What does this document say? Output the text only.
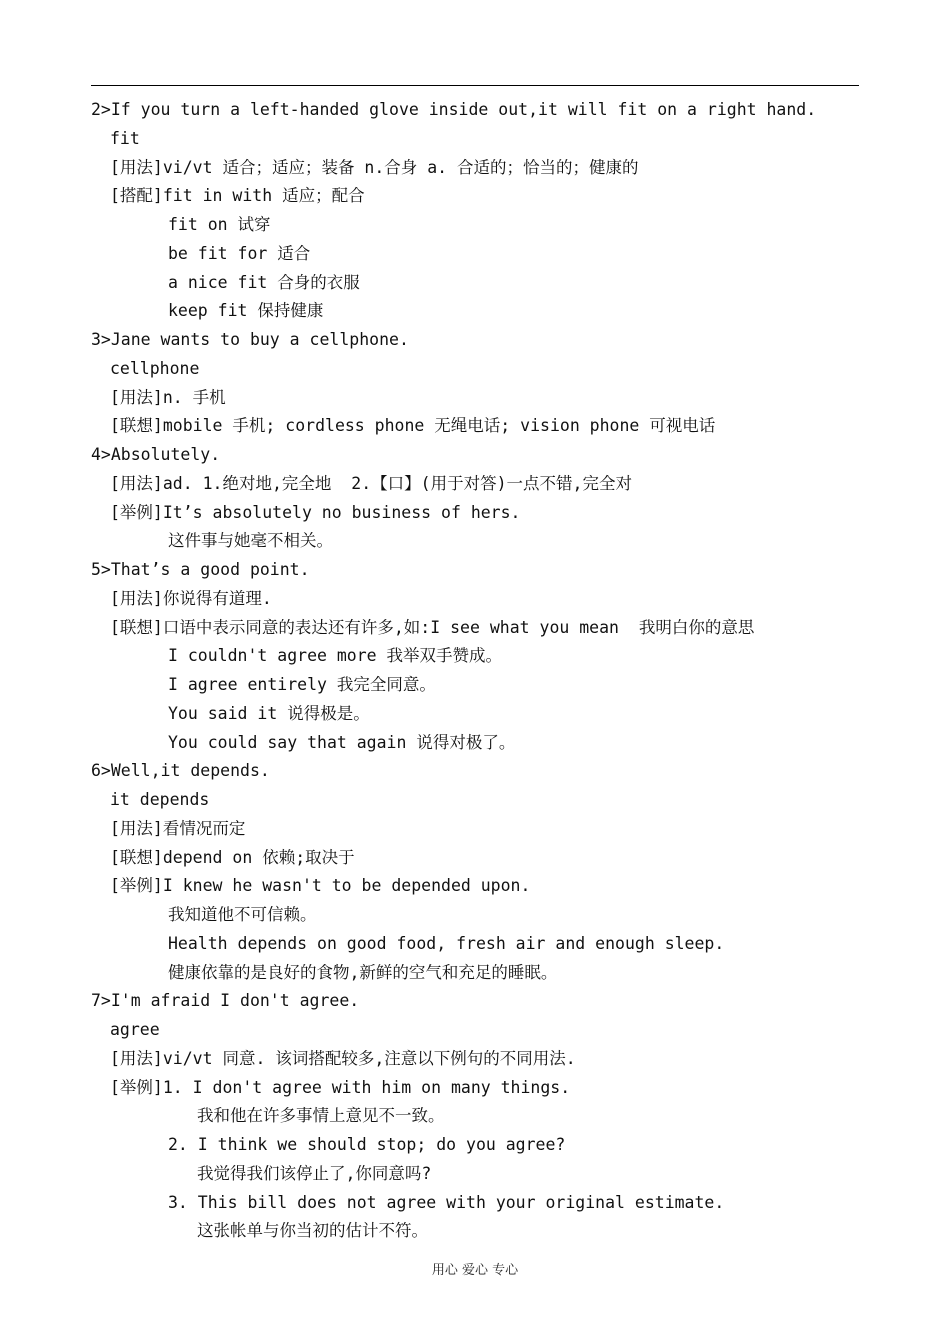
2>If you turn a left-handed glove inside out,it will fit on a right hand.
fit
[用法]vi/vt 适合；适应；装备 n.合身 a. 合适的；恰当的；健康的
[搭配]fit in with 适应；配合
fit on 试穿
be fit for 适合
a nice fit 合身的衣服
keep fit 保持健康
3>Jane wants to buy a cellphone.
cellphone
[用法]n. 手机
[联想]mobile 手机; cordless phone 无绳电话; vision phone 可视电话
4>Absolutely.
[用法]ad. 1.绝对地,完全地  2.【口】(用于对答)一点不错,完全对
[举例]It’s absolutely no business of hers.
这件事与她毫不相关。
5>That’s a good point.
[用法]你说得有道理.
[联想]口语中表示同意的表达还有许多,如:I see what you mean  我明白你的意思
I couldn't agree more 我举双手赞成。
I agree entirely 我完全同意。
You said it 说得极是。
You could say that again 说得对极了。
6>Well,it depends.
it depends
[用法]看情况而定
[联想]depend on 依赖;取决于
[举例]I knew he wasn't to be depended upon.
我知道他不可信赖。
Health depends on good food, fresh air and enough sleep.
健康依靠的是良好的食物,新鲜的空气和充足的睡眠。
7>I'm afraid I don't agree.
agree
[用法]vi/vt 同意. 该词搭配较多,注意以下例句的不同用法.
[举例]1. I don't agree with him on many things.
我和他在许多事情上意见不一致。
2. I think we should stop; do you agree?
我觉得我们该停止了,你同意吗?
3. This bill does not agree with your original estimate.
这张帐单与你当初的估计不符。
用心 爱心 专心
